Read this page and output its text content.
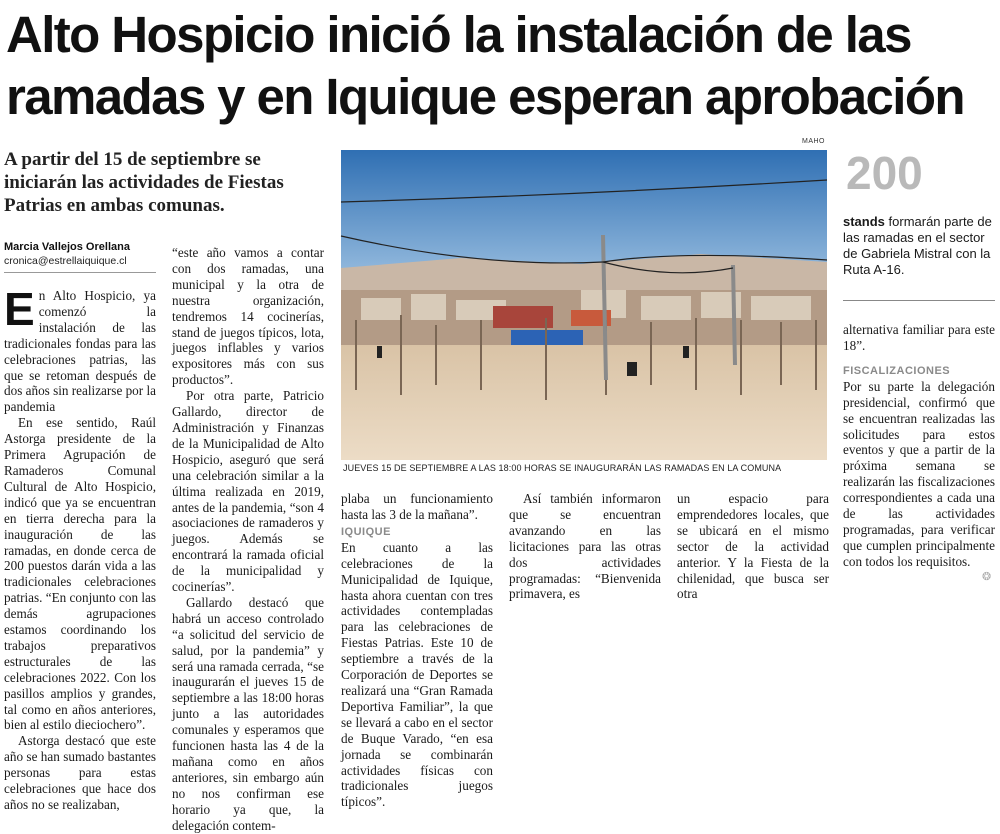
Alto Hospicio inició la instalación de las
ramadas y en Iquique esperan aprobación
A partir del 15 de septiembre se iniciarán las actividades de Fiestas Patrias en ambas comunas.
Marcia Vallejos Orellana
cronica@estrellaiquique.cl

En Alto Hospicio, ya comenzó la instalación de las tradicionales fondas para las celebraciones patrias, las que se retoman después de dos años sin realizarse por la pandemia

En ese sentido, Raúl Astorga presidente de la Primera Agrupación de Ramaderos Comunal Cultural de Alto Hospicio, indicó que ya se encuentran en tierra derecha para la inauguración de las ramadas, en donde cerca de 200 puestos darán vida a las tradicionales celebraciones patrias. “En conjunto con las demás agrupaciones estamos coordinando los trabajos preparativos estructurales de las celebraciones 2022. Con los pasillos amplios y grandes, tal como en años anteriores, bien al estilo dieciochero”.

Astorga destacó que este año se han sumado bastantes personas para estas celebraciones que hace dos años no se realizaban,

“este año vamos a contar con dos ramadas, una municipal y la otra de nuestra organización, tendremos 14 cocinerías, stand de juegos típicos, lota, juegos inflables y varios expositores más con sus productos”.

Por otra parte, Patricio Gallardo, director de Administración y Finanzas de la Municipalidad de Alto Hospicio, aseguró que será una celebración similar a la última realizada en 2019, antes de la pandemia, “son 4 asociaciones de ramaderos y juegos. Además se encontrará la ramada oficial de la municipalidad y cocinerías”.

Gallardo destacó que habrá un acceso controlado “a solicitud del servicio de salud, por la pandemia” y será una ramada cerrada, “se inaugurarán el jueves 15 de septiembre a las 18:00 horas junto a las autoridades comunales y esperamos que funcionen hasta las 4 de la mañana como en años anteriores, sin embargo aún no nos confirman ese horario ya que, la delegación contem-

MAHO
JUEVES 15 DE SEPTIEMBRE A LAS 18:00 HORAS SE INAUGURARÁN LAS RAMADAS EN LA COMUNA

plaba un funcionamiento hasta las 3 de la mañana”.

IQUIQUE

En cuanto a las celebraciones de la Municipalidad de Iquique, hasta ahora cuentan con tres actividades contempladas para las celebraciones de Fiestas Patrias. Este 10 de septiembre a través de la Corporación de Deportes se realizará una “Gran Ramada Deportiva Familiar”, la que se llevará a cabo en el sector de Buque Varado, “en esa jornada se combinarán actividades físicas con tradicionales juegos típicos”.

Así también informaron que se encuentran avanzando en las licitaciones para las otras dos actividades programadas: “Bienvenida primavera, es

un espacio para emprendedores locales, que se ubicará en el mismo sector de la actividad anterior. Y la Fiesta de la chilenidad, que busca ser otra

200
stands formarán parte de las ramadas en el sector de Gabriela Mistral con la Ruta A-16.

alternativa familiar para este 18”.

FISCALIZACIONES

Por su parte la delegación presidencial, confirmó que se encuentran realizadas las solicitudes para estos eventos y que a partir de la próxima semana se realizarán las fiscalizaciones correspondientes a cada una de las actividades programadas, para verificar que cumplen principalmente con todos los requisitos.

❂
